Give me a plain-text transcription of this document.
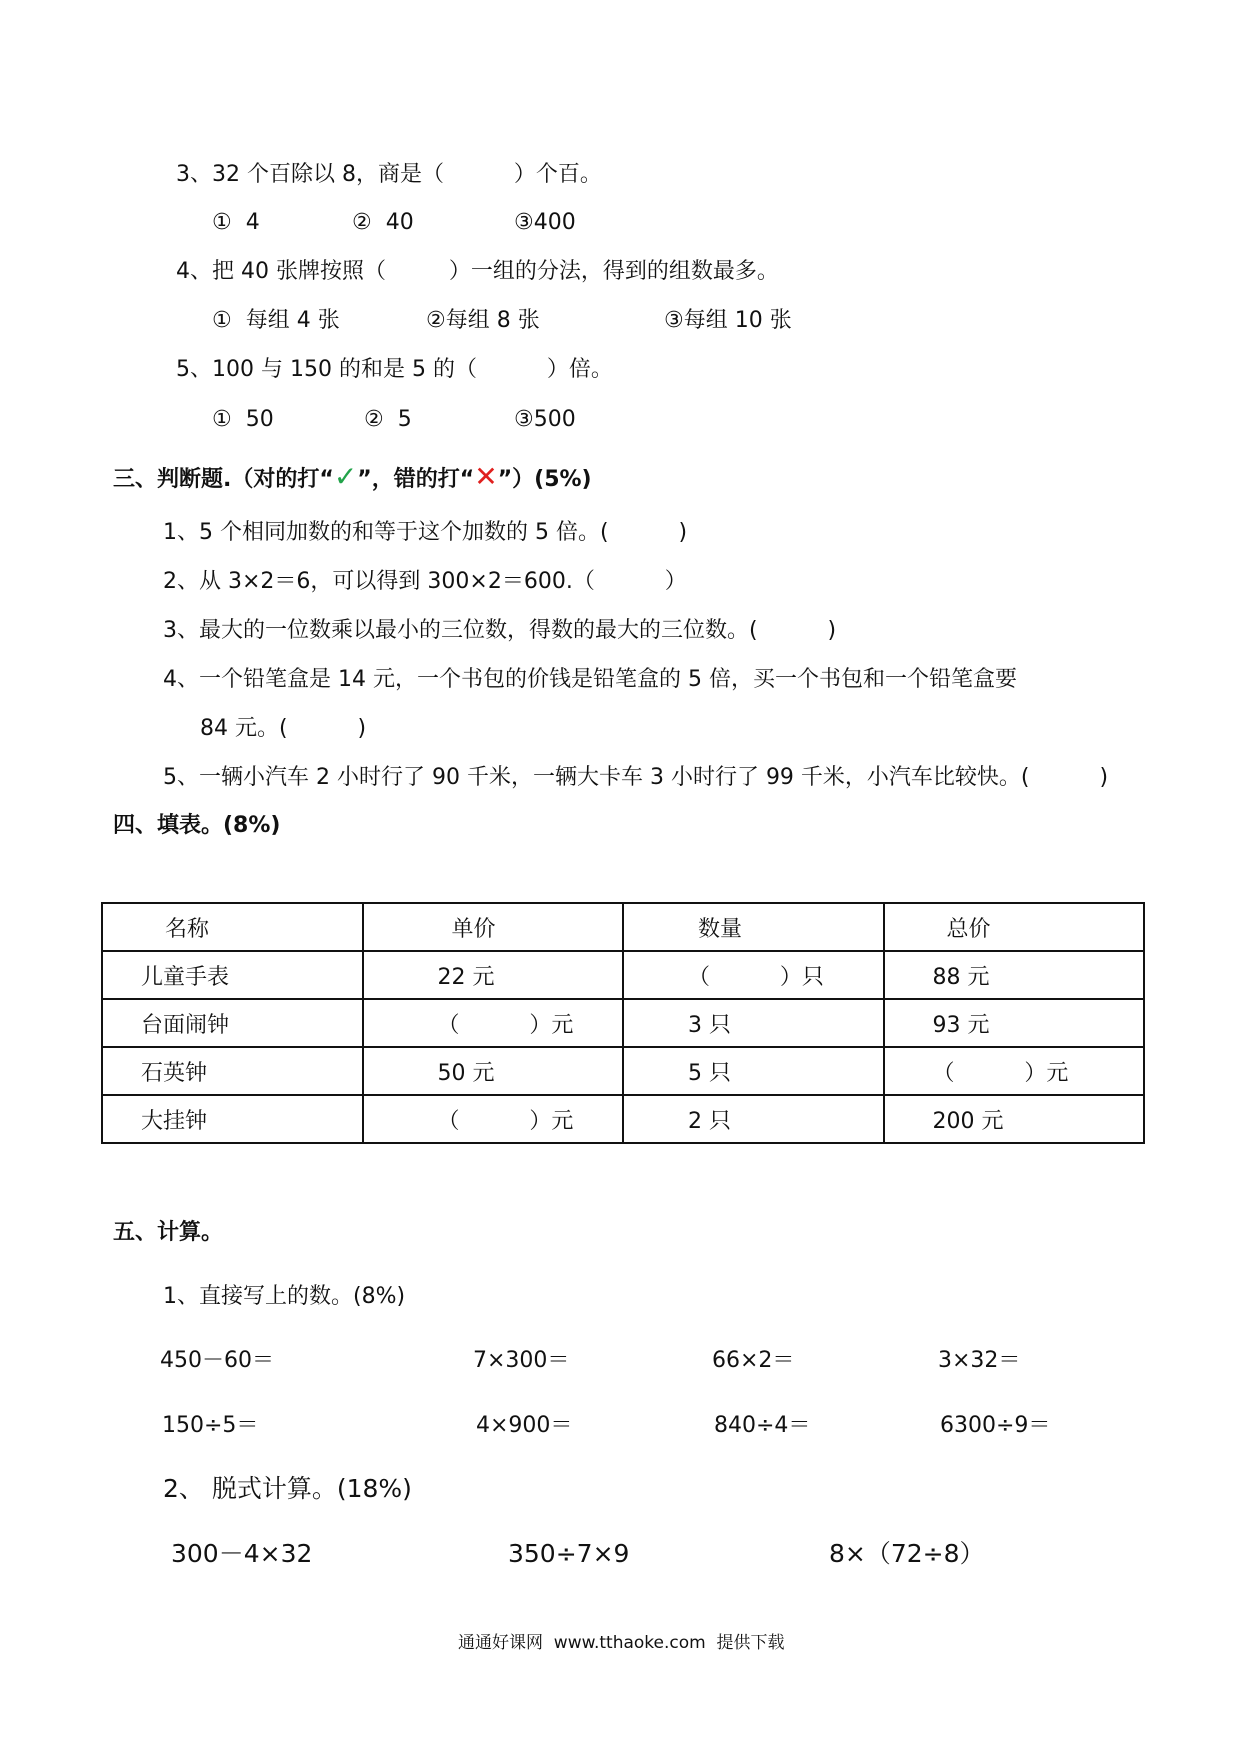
3、32 个百除以 8，商是（          ）个百。
①  4	②  40	③400
4、把 40 张牌按照（         ）一组的分法，得到的组数最多。
①  每组 4 张	②每组 8 张	③每组 10 张
5、100 与 150 的和是 5 的（          ）倍。
①  50	②  5	③500
三、判断题.（对的打“✓”，错的打“✕”）(5%)
1、5 个相同加数的和等于这个加数的 5 倍。(          )
2、从 3×2＝6，可以得到 300×2＝600.（          ）
3、最大的一位数乘以最小的三位数，得数的最大的三位数。(          )
4、一个铅笔盒是 14 元，一个书包的价钱是铅笔盒的 5 倍，买一个书包和一个铅笔盒要
84 元。(          )
5、一辆小汽车 2 小时行了 90 千米，一辆大卡车 3 小时行了 99 千米，小汽车比较快。(          )
四、填表。(8%)
名称	单价	数量	总价
儿童手表	22 元	（          ）只	88 元
台面闹钟	（          ）元	3 只	93 元
石英钟	50 元	5 只	（          ）元
大挂钟	（          ）元	2 只	200 元
五、计算。
1、直接写上的数。(8%)
450－60＝	7×300＝	66×2＝	3×32＝
150÷5＝	4×900＝	840÷4＝	6300÷9＝
2、 脱式计算。(18%)
300－4×32	350÷7×9	8×（72÷8）
通通好课网  www.tthaoke.com  提供下载
